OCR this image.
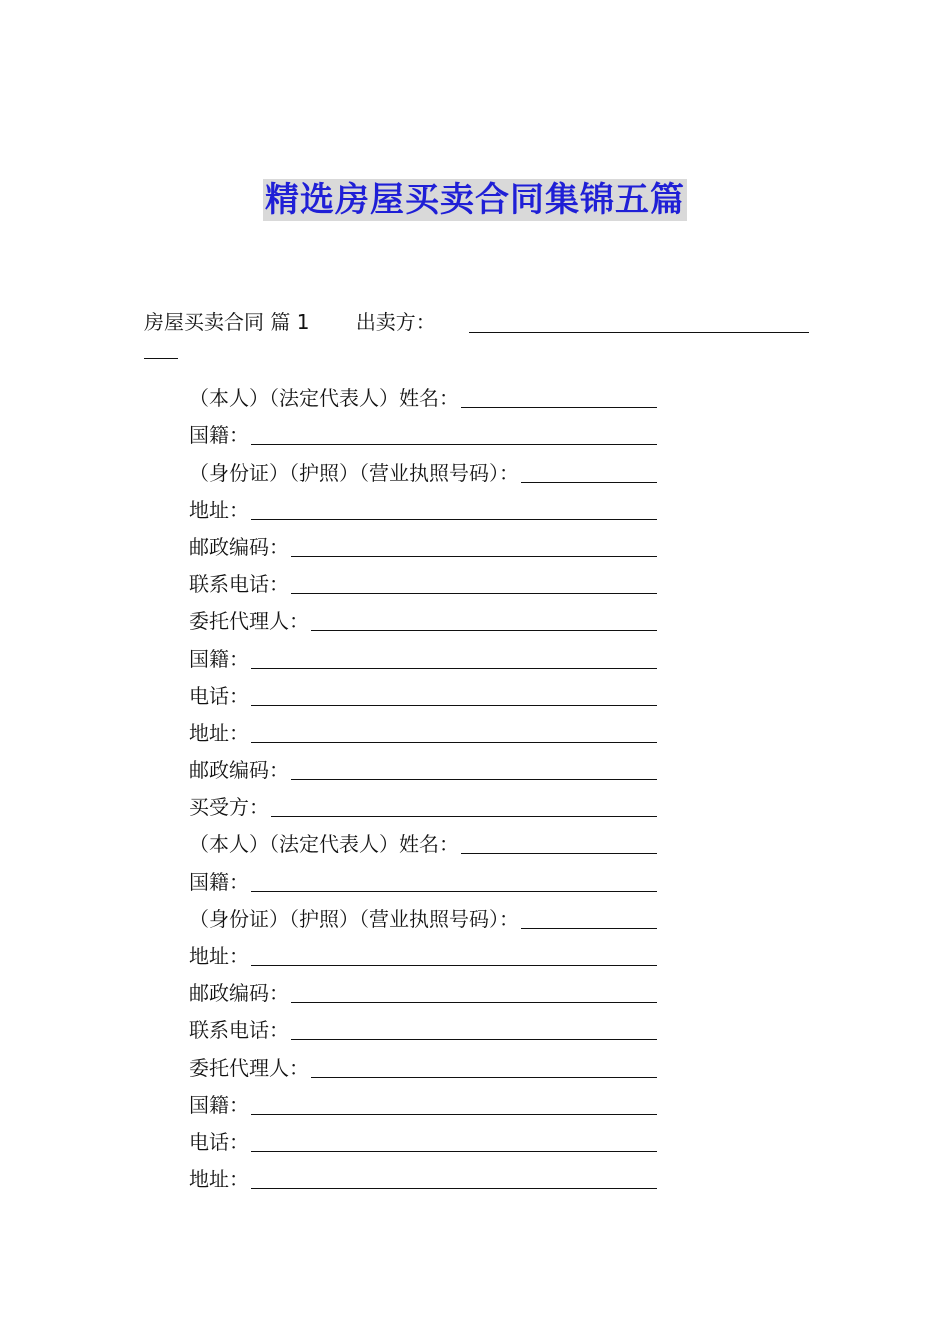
精选房屋买卖合同集锦五篇
房屋买卖合同 篇 1 出卖方：
（本人）（法定代表人）姓名：
国籍：
（身份证）（护照）（营业执照号码）：
地址：
邮政编码：
联系电话：
委托代理人：
国籍：
电话：
地址：
邮政编码：
买受方：
（本人）（法定代表人）姓名：
国籍：
（身份证）（护照）（营业执照号码）：
地址：
邮政编码：
联系电话：
委托代理人：
国籍：
电话：
地址：
